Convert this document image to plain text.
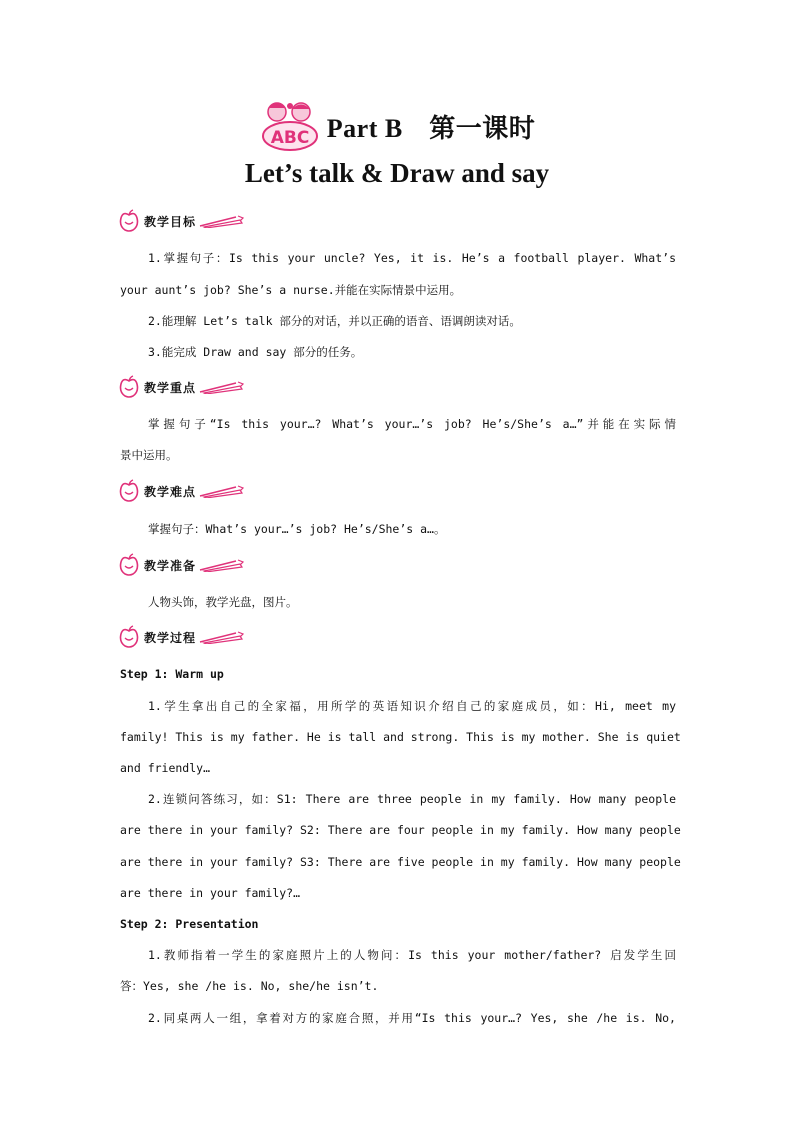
ABC Part B　第一课时
Let’s talk & Draw and say
教学目标
1.掌握句子：Is this your uncle? Yes, it is. He’s a football player. What’s
your aunt’s job? She’s a nurse.并能在实际情景中运用。
2.能理解 Let’s talk 部分的对话，并以正确的语音、语调朗读对话。
3.能完成 Draw and say 部分的任务。
教学重点
掌握句子“Is this your…? What’s your…’s job? He’s/She’s a…”并能在实际情
景中运用。
教学难点
掌握句子：What’s your…’s job? He’s/She’s a…。
教学准备
人物头饰，教学光盘，图片。
教学过程
Step 1: Warm up
1.学生拿出自己的全家福，用所学的英语知识介绍自己的家庭成员，如：Hi, meet my
family! This is my father. He is tall and strong. This is my mother. She is quiet
and friendly…
2.连锁问答练习，如：S1: There are three people in my family. How many people
are there in your family? S2: There are four people in my family. How many people
are there in your family? S3: There are five people in my family. How many people
are there in your family?…
Step 2: Presentation
1.教师指着一学生的家庭照片上的人物问：Is this your mother/father? 启发学生回
答：Yes, she /he is. No, she/he isn’t.
2.同桌两人一组，拿着对方的家庭合照，并用“Is this your…? Yes, she /he is. No,
